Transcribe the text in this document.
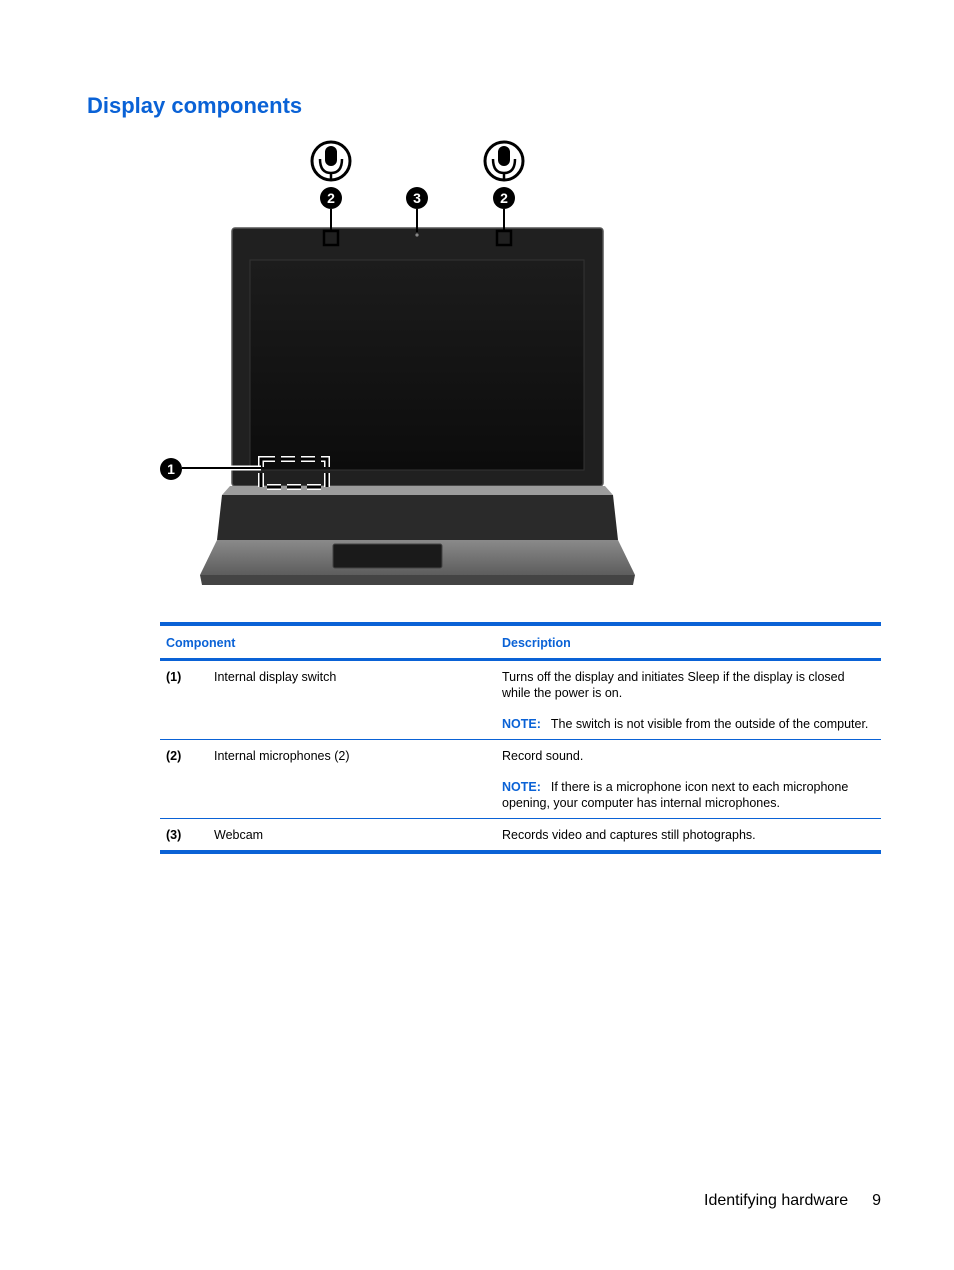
Display components
2	3	2
1
Component		Description
(1)	Internal display switch	Turns off the display and initiates Sleep if the display is closed while the power is on.
NOTE: The switch is not visible from the outside of the computer.

(2)	Internal microphones (2)	Record sound.
NOTE: If there is a microphone icon next to each microphone opening, your computer has internal microphones.

(3)	Webcam	Records video and captures still photographs.
Identifying hardware 9
